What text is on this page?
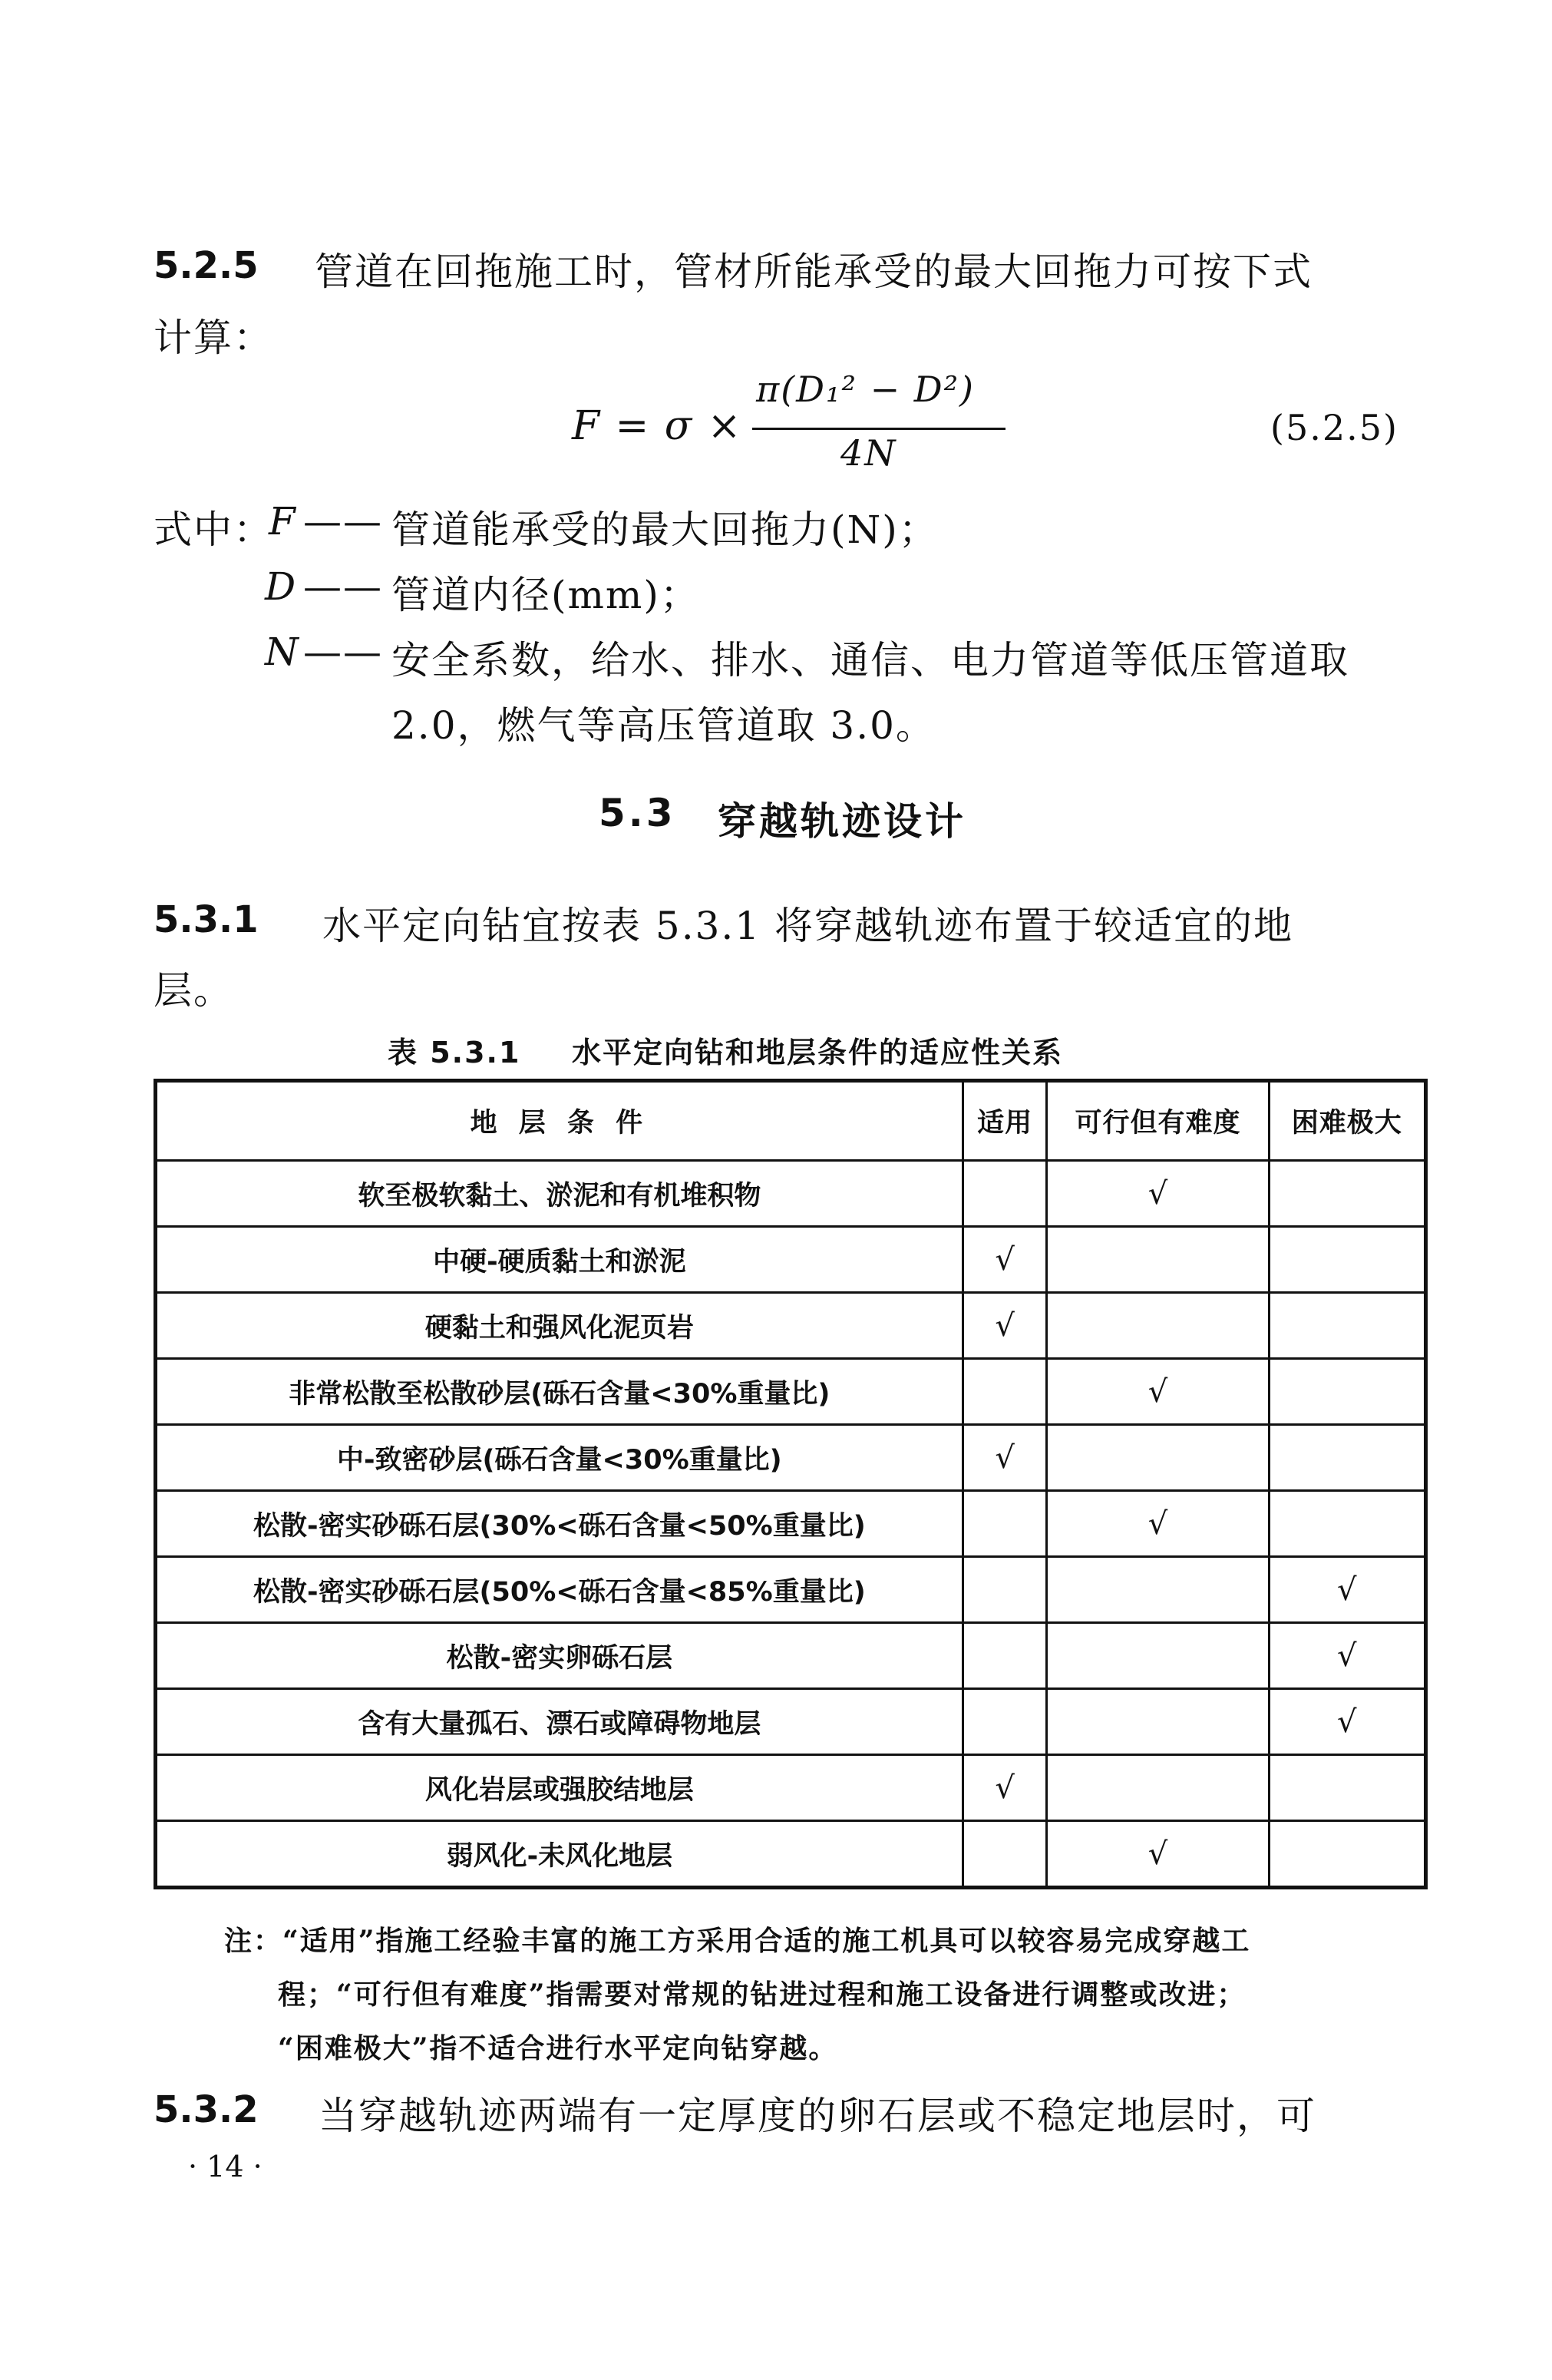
5.2.5 管道在回拖施工时，管材所能承受的最大回拖力可按下式
计算：
F = σ ×
π(D₁² − D²)
4N
(5.2.5)
式中：
F —— 管道能承受的最大回拖力(N)；
D —— 管道内径(mm)；
N —— 安全系数，给水、排水、通信、电力管道等低压管道取
2.0，燃气等高压管道取 3.0。
5.3 穿越轨迹设计
5.3.1 水平定向钻宜按表 5.3.1 将穿越轨迹布置于较适宜的地
层。
表 5.3.1 水平定向钻和地层条件的适应性关系
地 层 条 件	适用	可行但有难度	困难极大
软至极软黏土、淤泥和有机堆积物		√	
中硬-硬质黏土和淤泥	√		
硬黏土和强风化泥页岩	√		
非常松散至松散砂层(砾石含量<30%重量比)		√	
中-致密砂层(砾石含量<30%重量比)	√		
松散-密实砂砾石层(30%<砾石含量<50%重量比)		√	
松散-密实砂砾石层(50%<砾石含量<85%重量比)			√
松散-密实卵砾石层			√
含有大量孤石、漂石或障碍物地层			√
风化岩层或强胶结地层	√		
弱风化-未风化地层		√	
注：“适用”指施工经验丰富的施工方采用合适的施工机具可以较容易完成穿越工
程；“可行但有难度”指需要对常规的钻进过程和施工设备进行调整或改进；
“困难极大”指不适合进行水平定向钻穿越。
5.3.2 当穿越轨迹两端有一定厚度的卵石层或不稳定地层时，可
· 14 ·
